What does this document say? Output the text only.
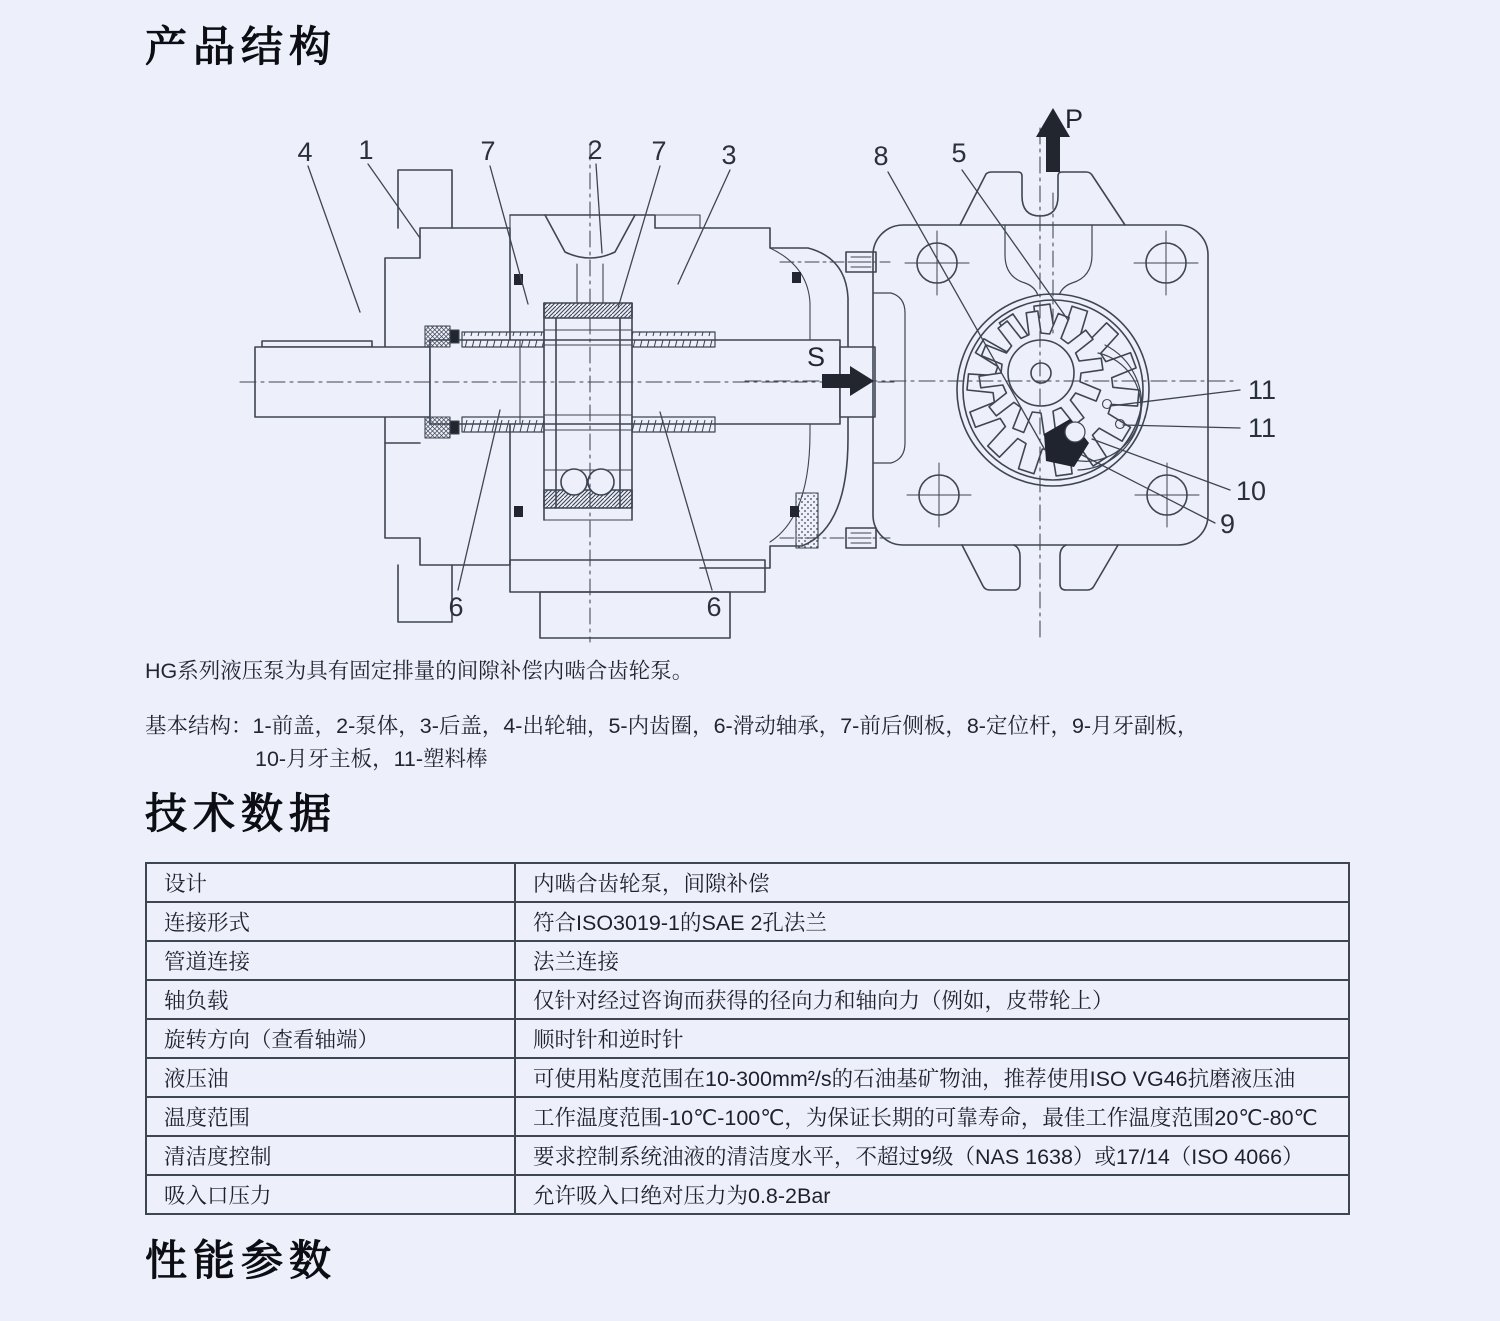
产品结构
4 1	7	2 7 3
6	6
8 5
11
11
10
9
P
S
HG系列液压泵为具有固定排量的间隙补偿内啮合齿轮泵。
基本结构：1-前盖，2-泵体，3-后盖，4-出轮轴，5-内齿圈，6-滑动轴承，7-前后侧板，8-定位杆，9-月牙副板，
10-月牙主板，11-塑料棒
技术数据
设计	内啮合齿轮泵，间隙补偿
连接形式	符合ISO3019-1的SAE 2孔法兰
管道连接	法兰连接
轴负载	仅针对经过咨询而获得的径向力和轴向力（例如，皮带轮上）
旋转方向（查看轴端）	顺时针和逆时针
液压油	可使用粘度范围在10-300mm²/s的石油基矿物油，推荐使用ISO VG46抗磨液压油
温度范围	工作温度范围-10℃-100℃，为保证长期的可靠寿命，最佳工作温度范围20℃-80℃
清洁度控制	要求控制系统油液的清洁度水平，不超过9级（NAS 1638）或17/14（ISO 4066）
吸入口压力	允许吸入口绝对压力为0.8-2Bar
性能参数
